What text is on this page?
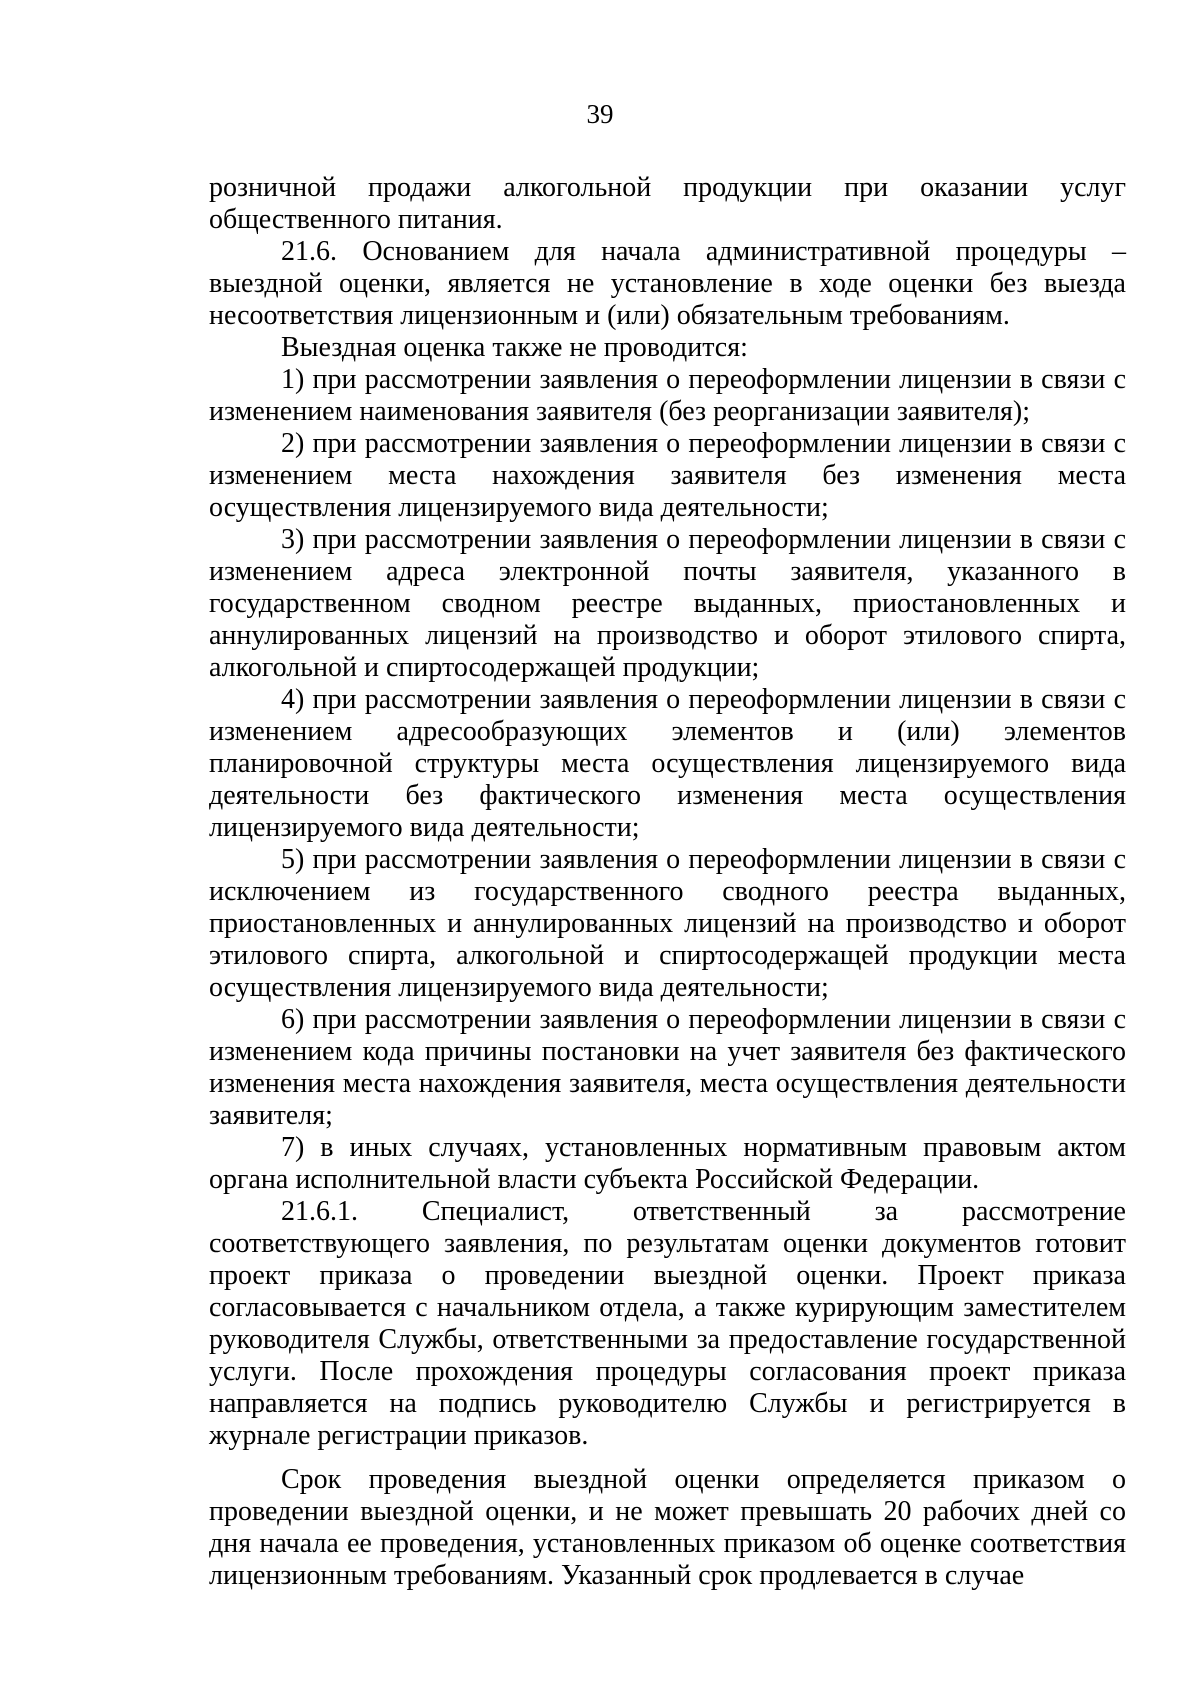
39

розничной продажи алкогольной продукции при оказании услуг общественного питания.

21.6. Основанием для начала административной процедуры – выездной оценки, является не установление в ходе оценки без выезда несоответствия лицензионным и (или) обязательным требованиям.

Выездная оценка также не проводится:

1) при рассмотрении заявления о переоформлении лицензии в связи с изменением наименования заявителя (без реорганизации заявителя);

2) при рассмотрении заявления о переоформлении лицензии в связи с изменением места нахождения заявителя без изменения места осуществления лицензируемого вида деятельности;

3) при рассмотрении заявления о переоформлении лицензии в связи с изменением адреса электронной почты заявителя, указанного в государственном сводном реестре выданных, приостановленных и аннулированных лицензий на производство и оборот этилового спирта, алкогольной и спиртосодержащей продукции;

4) при рассмотрении заявления о переоформлении лицензии в связи с изменением адресообразующих элементов и (или) элементов планировочной структуры места осуществления лицензируемого вида деятельности без фактического изменения места осуществления лицензируемого вида деятельности;

5) при рассмотрении заявления о переоформлении лицензии в связи с исключением из государственного сводного реестра выданных, приостановленных и аннулированных лицензий на производство и оборот этилового спирта, алкогольной и спиртосодержащей продукции места осуществления лицензируемого вида деятельности;

6) при рассмотрении заявления о переоформлении лицензии в связи с изменением кода причины постановки на учет заявителя без фактического изменения места нахождения заявителя, места осуществления деятельности заявителя;

7) в иных случаях, установленных нормативным правовым актом органа исполнительной власти субъекта Российской Федерации.

21.6.1. Специалист, ответственный за рассмотрение соответствующего заявления, по результатам оценки документов готовит проект приказа о проведении выездной оценки. Проект приказа согласовывается с начальником отдела, а также курирующим заместителем руководителя Службы, ответственными за предоставление государственной услуги. После прохождения процедуры согласования проект приказа направляется на подпись руководителю Службы и регистрируется в журнале регистрации приказов.

Срок проведения выездной оценки определяется приказом о проведении выездной оценки, и не может превышать 20 рабочих дней со дня начала ее проведения, установленных приказом об оценке соответствия лицензионным требованиям. Указанный срок продлевается в случае
